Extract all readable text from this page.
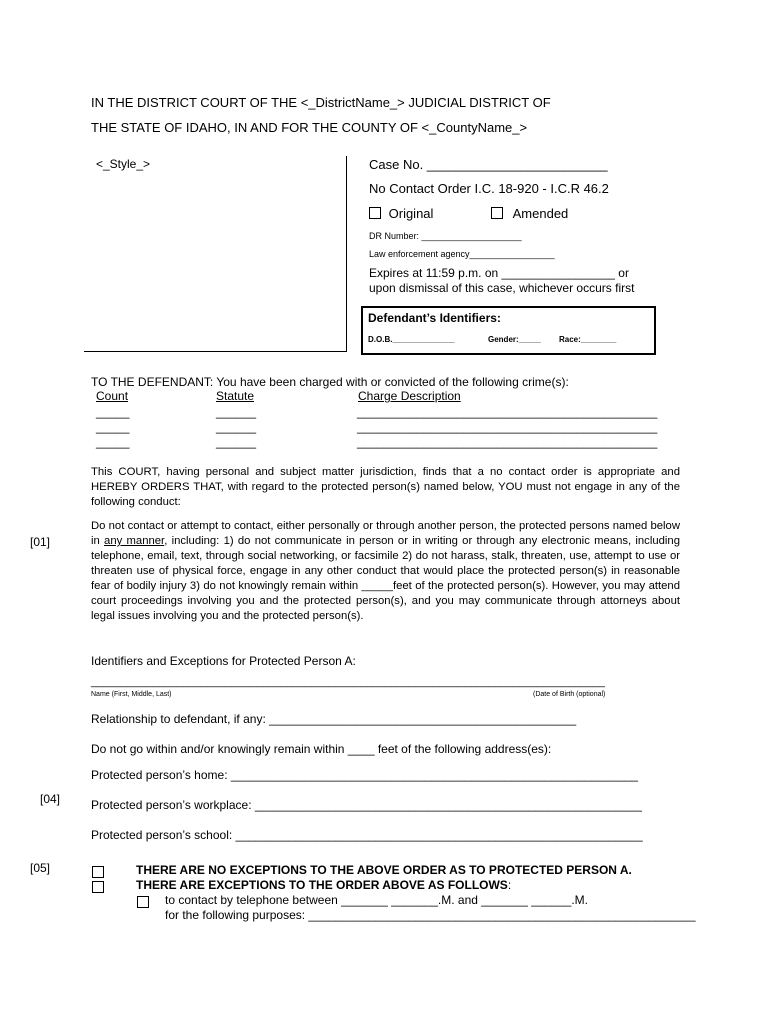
IN THE DISTRICT COURT OF THE <_DistrictName_> JUDICIAL DISTRICT OF
THE STATE OF IDAHO, IN AND FOR THE COUNTY OF <_CountyName_>
<_Style_>	Case No. _________________________
No Contact Order I.C. 18-920 - I.C.R 46.2
Original	Amended
DR Number: ____________________
Law enforcement agency_________________
Expires at 11:59 p.m. on _________________ or
upon dismissal of this case, whichever occurs first
Defendant’s Identifiers:
D.O.B.______________	Gender:_____ Race:________
TO THE DEFENDANT: You have been charged with or convicted of the following crime(s):
Count	Statute	Charge Description
_____	______	_____________________________________________
_____	______	_____________________________________________
_____	______	_____________________________________________
This COURT, having personal and subject matter jurisdiction, finds that a no contact order is appropriate and HEREBY ORDERS THAT, with regard to the protected person(s) named below, YOU must not engage in any of the following conduct:
[01]
Do not contact or attempt to contact, either personally or through another person, the protected persons named below in any manner, including: 1) do not communicate in person or in writing or through any electronic means, including telephone, email, text, through social networking, or facsimile 2) do not harass, stalk, threaten, use, attempt to use or threaten use of physical force, engage in any other conduct that would place the protected person(s) in reasonable fear of bodily injury 3) do not knowingly remain within _____feet of the protected person(s). However, you may attend court proceedings involving you and the protected person(s), and you may communicate through attorneys about legal issues involving you and the protected person(s).
Identifiers and Exceptions for Protected Person A:
____________________________________________________________________________________
Name (First, Middle, Last)	(Date of Birth (optional)
Relationship to defendant, if any: ______________________________________________
Do not go within and/or knowingly remain within ____ feet of the following address(es):
Protected person’s home: _____________________________________________________________
[04]	Protected person’s workplace: __________________________________________________________
Protected person’s school: _____________________________________________________________
[05]	THERE ARE NO EXCEPTIONS TO THE ABOVE ORDER AS TO PROTECTED PERSON A.
THERE ARE EXCEPTIONS TO THE ORDER ABOVE AS FOLLOWS:
to contact by telephone between _______ _______.M. and _______ ______.M.
for the following purposes: __________________________________________________________
